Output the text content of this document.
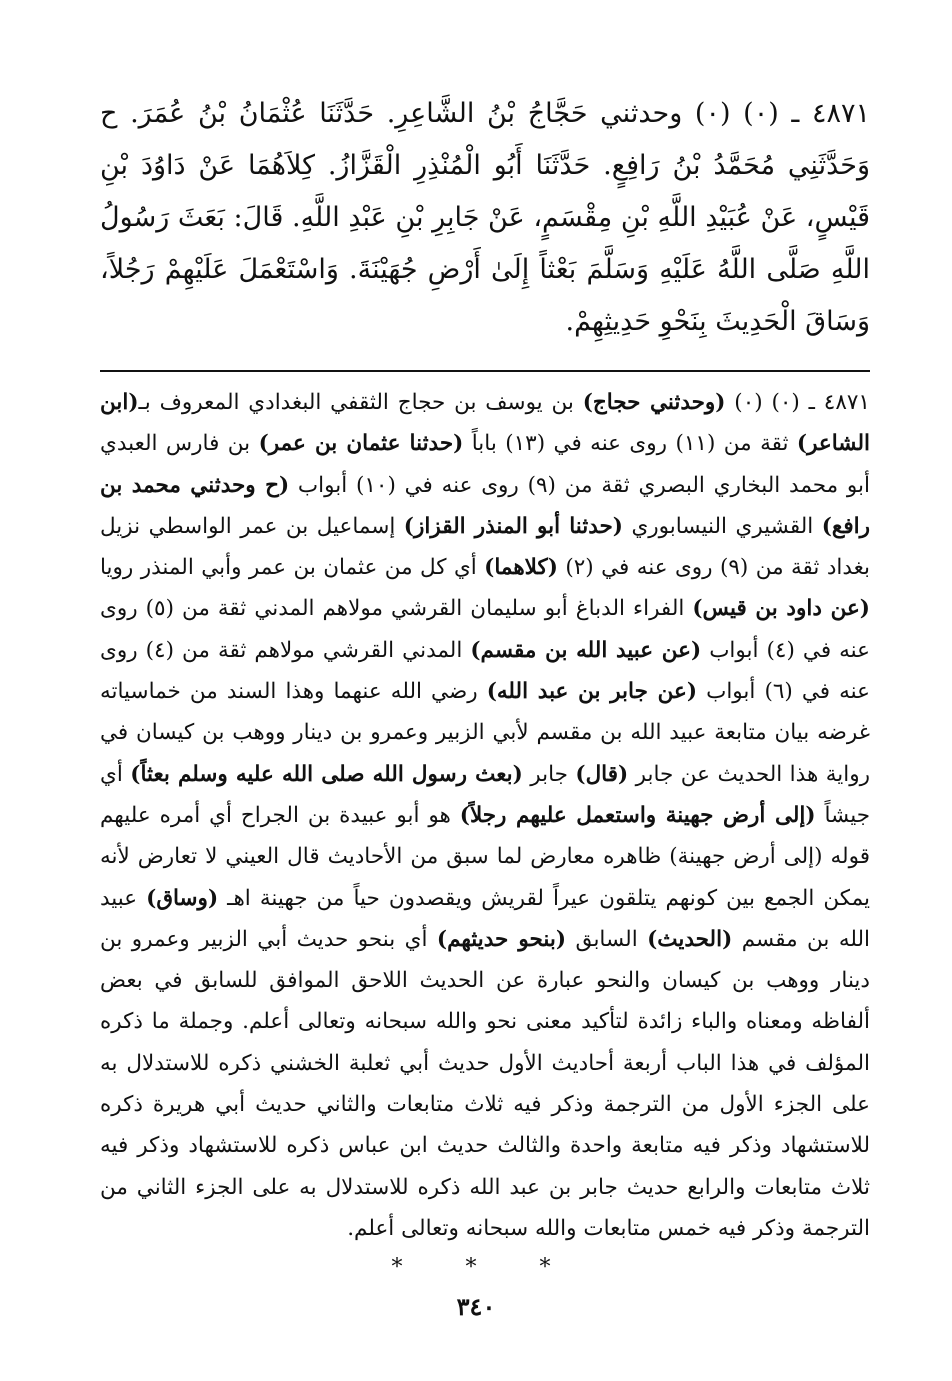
٤٨٧١ ـ (٠) (٠) وحدثني حَجَّاجُ بْنُ الشَّاعِرِ. حَدَّثَنَا عُثْمَانُ بْنُ عُمَرَ. ح وَحَدَّثَنِي مُحَمَّدُ بْنُ رَافِعٍ. حَدَّثَنَا أَبُو الْمُنْذِرِ الْقَزَّازُ. كِلاَهُمَا عَنْ دَاوُدَ بْنِ قَيْسٍ، عَنْ عُبَيْدِ اللَّهِ بْنِ مِقْسَمٍ، عَنْ جَابِرِ بْنِ عَبْدِ اللَّهِ. قَالَ: بَعَثَ رَسُولُ اللَّهِ صَلَّى اللَّهُ عَلَيْهِ وَسَلَّمَ بَعْثاً إِلَىٰ أَرْضِ جُهَيْنَةَ. وَاسْتَعْمَلَ عَلَيْهِمْ رَجُلاً، وَسَاقَ الْحَدِيثَ بِنَحْوِ حَدِيثِهِمْ.

٤٨٧١ ـ (٠) (٠) (وحدثني حجاج) بن يوسف بن حجاج الثقفي البغدادي المعروف بـ(ابن الشاعر) ثقة من (١١) روى عنه في (١٣) باباً (حدثنا عثمان بن عمر) بن فارس العبدي أبو محمد البخاري البصري ثقة من (٩) روى عنه في (١٠) أبواب (ح وحدثني محمد بن رافع) القشيري النيسابوري (حدثنا أبو المنذر القزاز) إسماعيل بن عمر الواسطي نزيل بغداد ثقة من (٩) روى عنه في (٢) (كلاهما) أي كل من عثمان بن عمر وأبي المنذر رويا (عن داود بن قيس) الفراء الدباغ أبو سليمان القرشي مولاهم المدني ثقة من (٥) روى عنه في (٤) أبواب (عن عبيد الله بن مقسم) المدني القرشي مولاهم ثقة من (٤) روى عنه في (٦) أبواب (عن جابر بن عبد الله) رضي الله عنهما وهذا السند من خماسياته غرضه بيان متابعة عبيد الله بن مقسم لأبي الزبير وعمرو بن دينار ووهب بن كيسان في رواية هذا الحديث عن جابر (قال) جابر (بعث رسول الله صلى الله عليه وسلم بعثاً) أي جيشاً (إلى أرض جهينة واستعمل عليهم رجلاً) هو أبو عبيدة بن الجراح أي أمره عليهم قوله (إلى أرض جهينة) ظاهره معارض لما سبق من الأحاديث قال العيني لا تعارض لأنه يمكن الجمع بين كونهم يتلقون عيراً لقريش ويقصدون حياً من جهينة اهـ (وساق) عبيد الله بن مقسم (الحديث) السابق (بنحو حديثهم) أي بنحو حديث أبي الزبير وعمرو بن دينار ووهب بن كيسان والنحو عبارة عن الحديث اللاحق الموافق للسابق في بعض ألفاظه ومعناه والباء زائدة لتأكيد معنى نحو والله سبحانه وتعالى أعلم. وجملة ما ذكره المؤلف في هذا الباب أربعة أحاديث الأول حديث أبي ثعلبة الخشني ذكره للاستدلال به على الجزء الأول من الترجمة وذكر فيه ثلاث متابعات والثاني حديث أبي هريرة ذكره للاستشهاد وذكر فيه متابعة واحدة والثالث حديث ابن عباس ذكره للاستشهاد وذكر فيه ثلاث متابعات والرابع حديث جابر بن عبد الله ذكره للاستدلال به على الجزء الثاني من الترجمة وذكر فيه خمس متابعات والله سبحانه وتعالى أعلم.

* * *
٣٤٠
